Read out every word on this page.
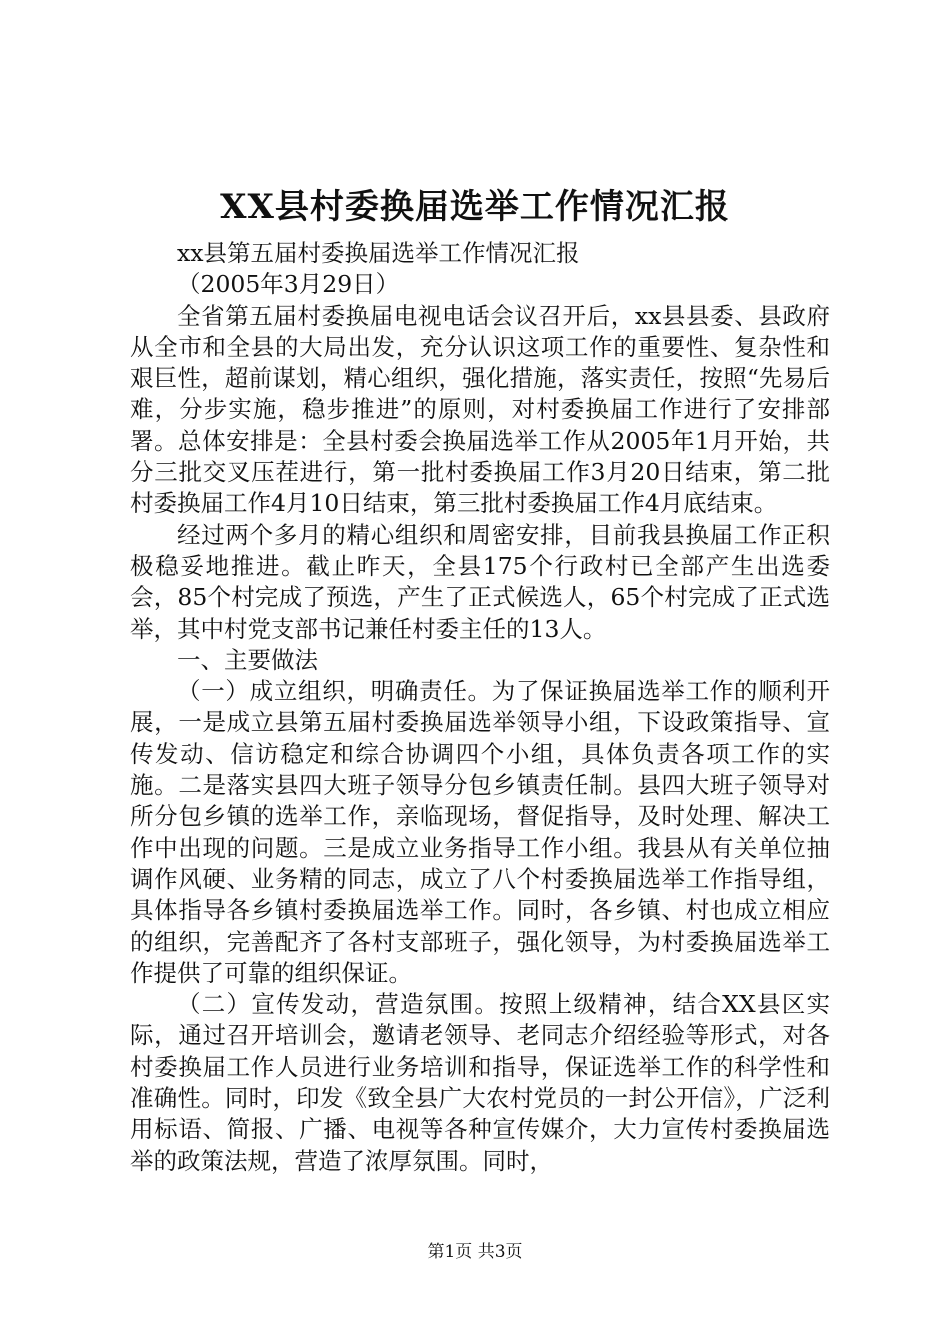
XX县村委换届选举工作情况汇报

xx县第五届村委换届选举工作情况汇报

（2005年3月29日）

全省第五届村委换届电视电话会议召开后，xx县县委、县政府从全市和全县的大局出发，充分认识这项工作的重要性、复杂性和艰巨性，超前谋划，精心组织，强化措施，落实责任，按照“先易后难，分步实施，稳步推进”的原则，对村委换届工作进行了安排部署。总体安排是：全县村委会换届选举工作从2005年1月开始，共分三批交叉压茬进行，第一批村委换届工作3月20日结束，第二批村委换届工作4月10日结束，第三批村委换届工作4月底结束。

经过两个多月的精心组织和周密安排，目前我县换届工作正积极稳妥地推进。截止昨天，全县175个行政村已全部产生出选委会，85个村完成了预选，产生了正式候选人，65个村完成了正式选举，其中村党支部书记兼任村委主任的13人。

一、主要做法

（一）成立组织，明确责任。为了保证换届选举工作的顺利开展，一是成立县第五届村委换届选举领导小组，下设政策指导、宣传发动、信访稳定和综合协调四个小组，具体负责各项工作的实施。二是落实县四大班子领导分包乡镇责任制。县四大班子领导对所分包乡镇的选举工作，亲临现场，督促指导，及时处理、解决工作中出现的问题。三是成立业务指导工作小组。我县从有关单位抽调作风硬、业务精的同志，成立了八个村委换届选举工作指导组，具体指导各乡镇村委换届选举工作。同时，各乡镇、村也成立相应的组织，完善配齐了各村支部班子，强化领导，为村委换届选举工作提供了可靠的组织保证。

（二）宣传发动，营造氛围。按照上级精神，结合XX县区实际，通过召开培训会，邀请老领导、老同志介绍经验等形式，对各村委换届工作人员进行业务培训和指导，保证选举工作的科学性和准确性。同时，印发《致全县广大农村党员的一封公开信》，广泛利用标语、简报、广播、电视等各种宣传媒介，大力宣传村委换届选举的政策法规，营造了浓厚氛围。同时，

第1页 共3页
